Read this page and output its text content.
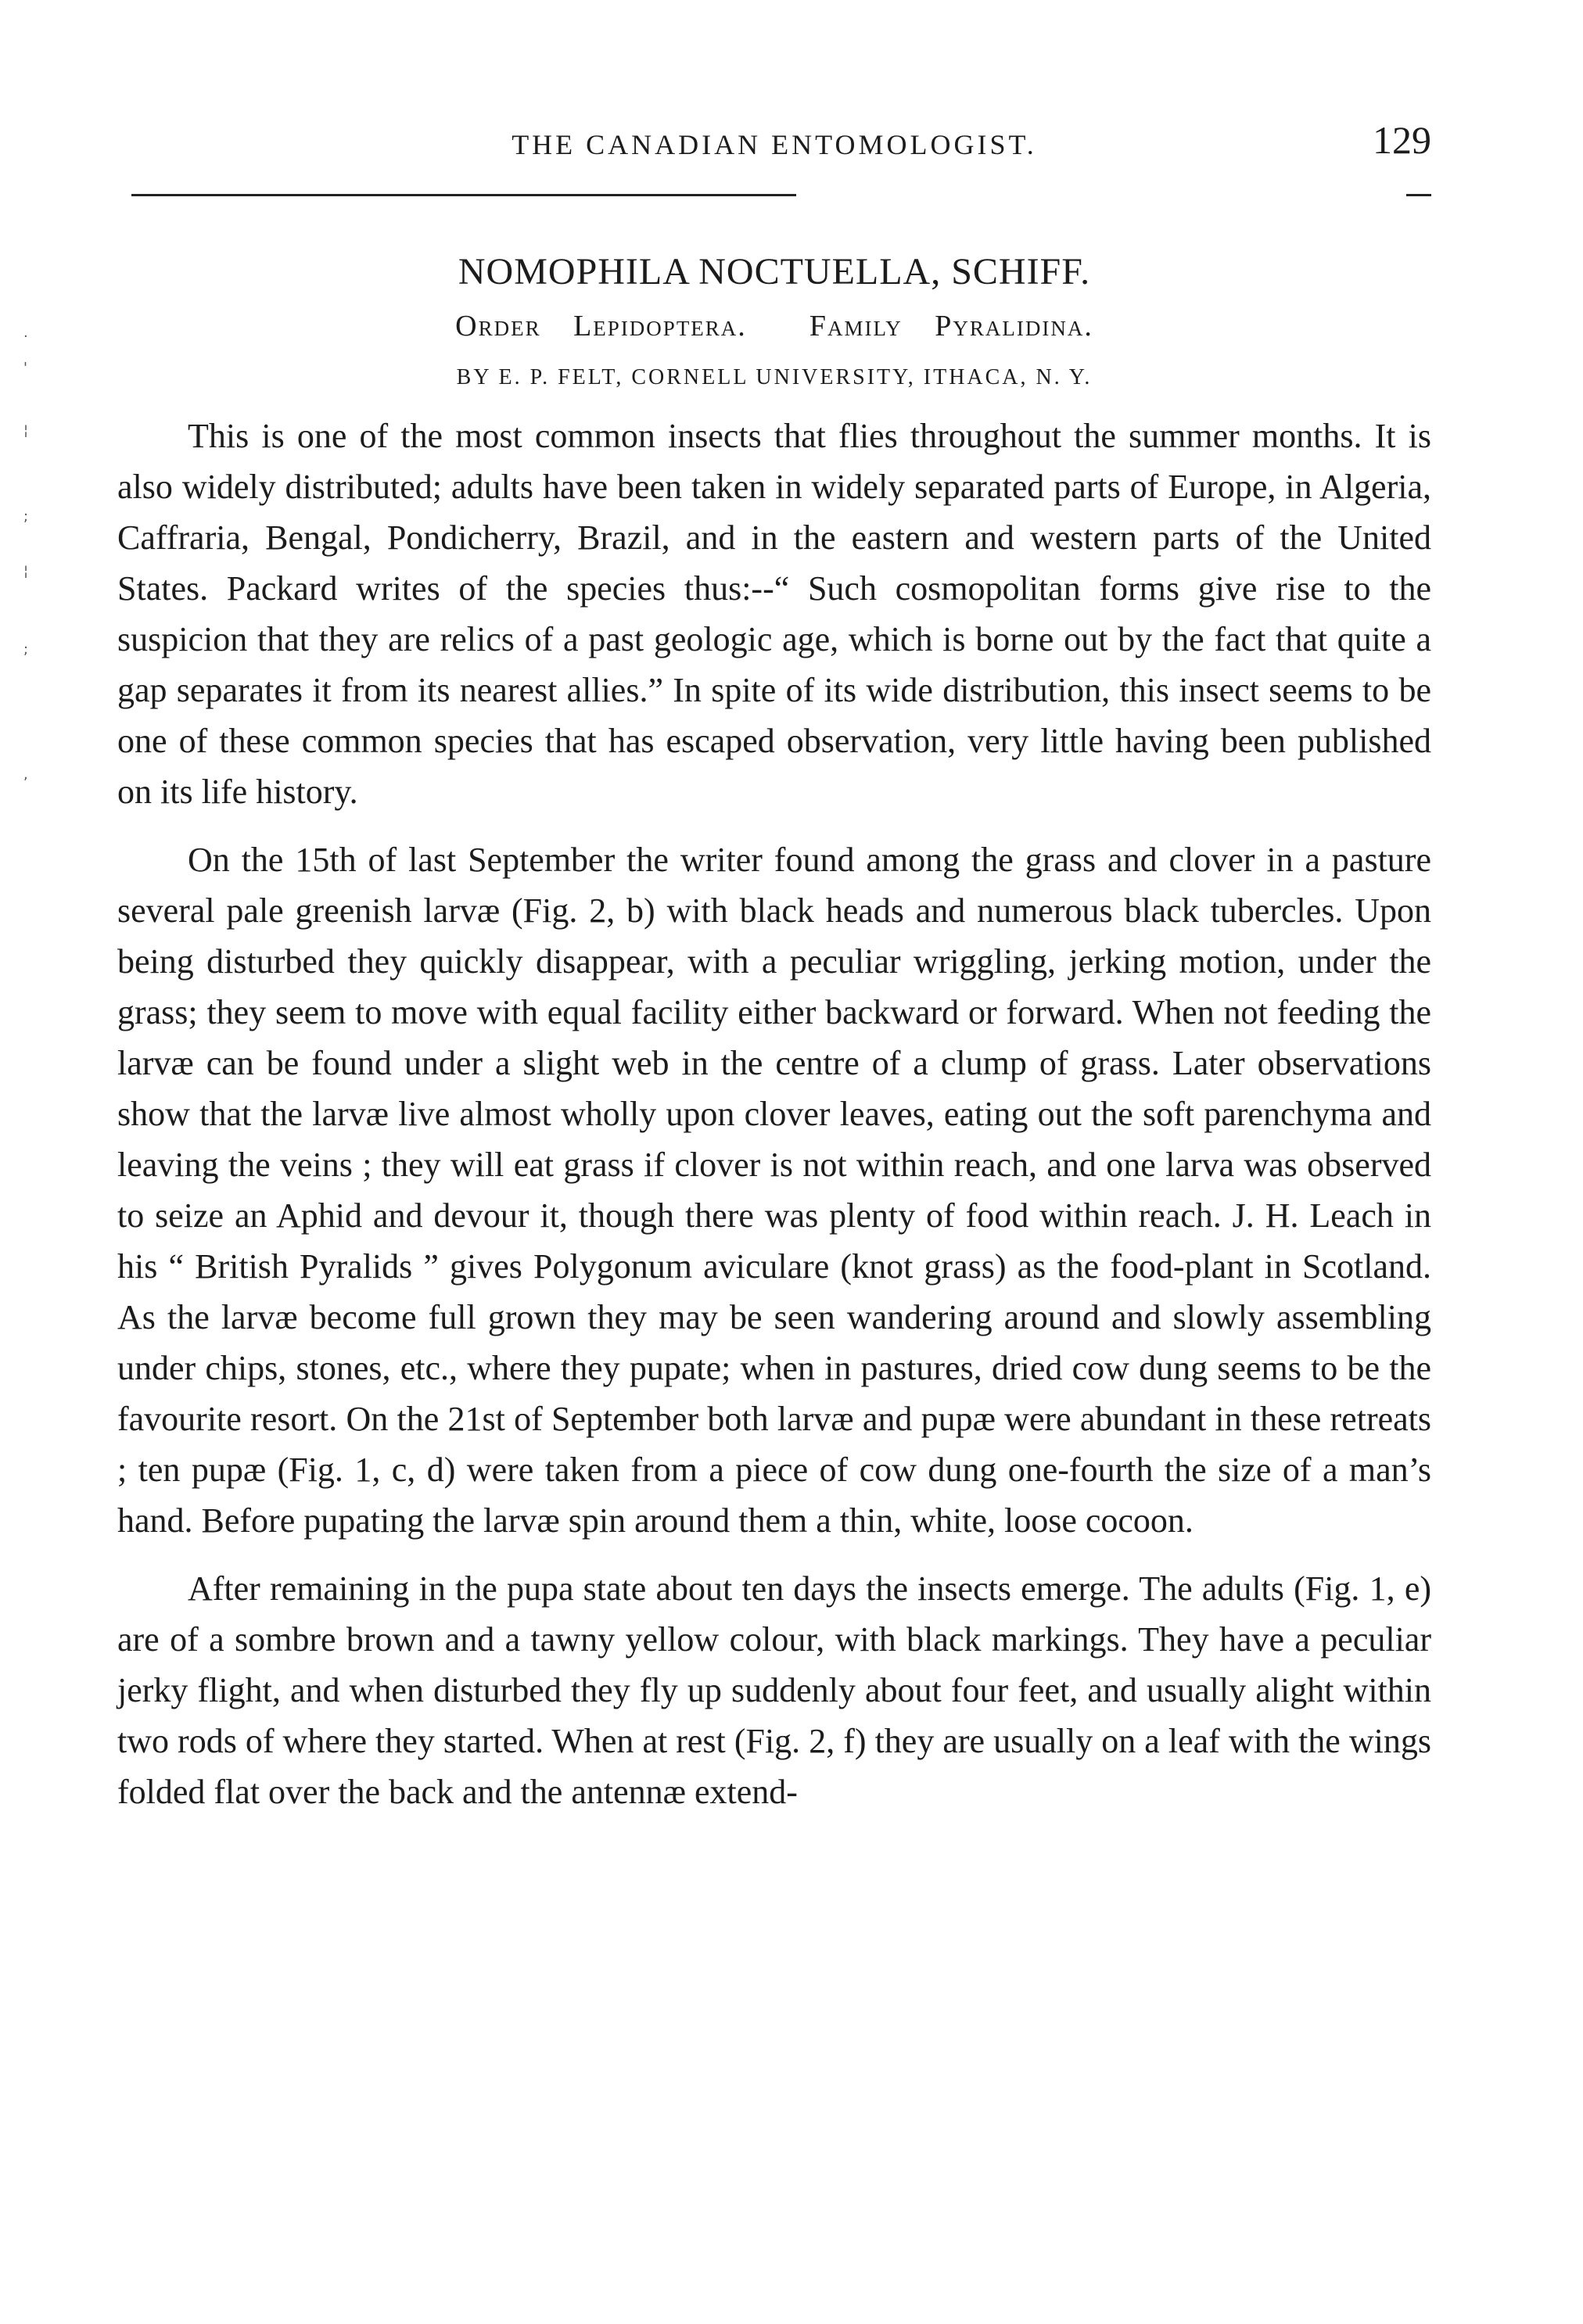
·
'
¦
;
¦
;
,
THE CANADIAN ENTOMOLOGIST.	129
NOMOPHILA NOCTUELLA, SCHIFF.
Order Lepidoptera. Family Pyralidina.
BY E. P. FELT, CORNELL UNIVERSITY, ITHACA, N. Y.

This is one of the most common insects that flies throughout the summer months. It is also widely distributed; adults have been taken in widely separated parts of Europe, in Algeria, Caffraria, Bengal, Pondicherry, Brazil, and in the eastern and western parts of the United States. Packard writes of the species thus:--“ Such cosmopolitan forms give rise to the suspicion that they are relics of a past geologic age, which is borne out by the fact that quite a gap separates it from its nearest allies.” In spite of its wide distribution, this insect seems to be one of these common species that has escaped observation, very little having been published on its life history.

On the 15th of last September the writer found among the grass and clover in a pasture several pale greenish larvæ (Fig. 2, b) with black heads and numerous black tubercles. Upon being disturbed they quickly disappear, with a peculiar wriggling, jerking motion, under the grass; they seem to move with equal facility either backward or forward. When not feeding the larvæ can be found under a slight web in the centre of a clump of grass. Later observations show that the larvæ live almost wholly upon clover leaves, eating out the soft parenchyma and leaving the veins ; they will eat grass if clover is not within reach, and one larva was observed to seize an Aphid and devour it, though there was plenty of food within reach. J. H. Leach in his “ British Pyralids ” gives Polygonum aviculare (knot grass) as the food-plant in Scotland. As the larvæ become full grown they may be seen wandering around and slowly assembling under chips, stones, etc., where they pupate; when in pastures, dried cow dung seems to be the favourite resort. On the 21st of September both larvæ and pupæ were abundant in these retreats ; ten pupæ (Fig. 1, c, d) were taken from a piece of cow dung one-fourth the size of a man’s hand. Before pupating the larvæ spin around them a thin, white, loose cocoon.

After remaining in the pupa state about ten days the insects emerge. The adults (Fig. 1, e) are of a sombre brown and a tawny yellow colour, with black markings. They have a peculiar jerky flight, and when disturbed they fly up suddenly about four feet, and usually alight within two rods of where they started. When at rest (Fig. 2, f) they are usually on a leaf with the wings folded flat over the back and the antennæ extend-
